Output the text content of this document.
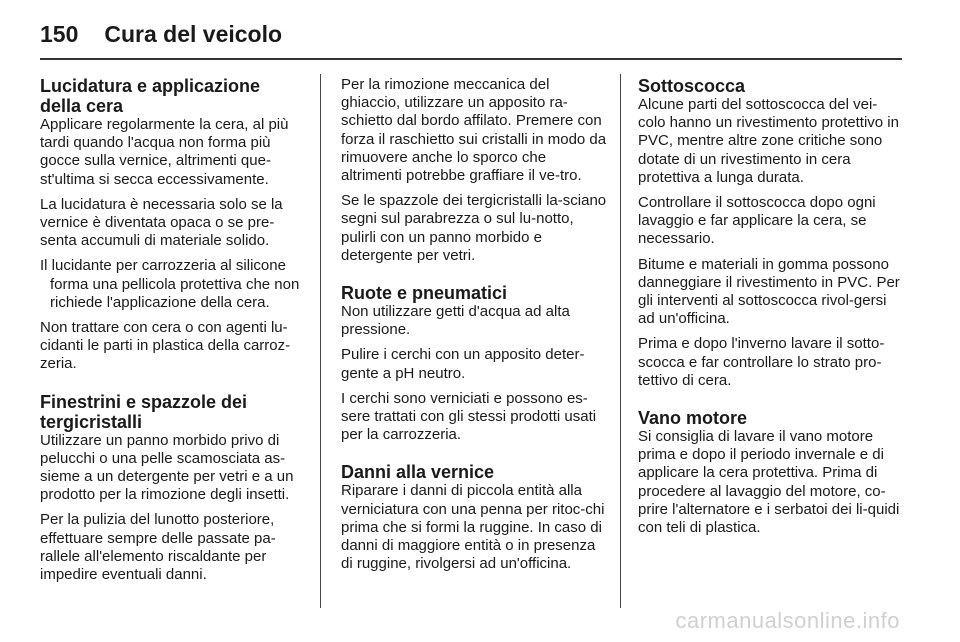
150 Cura del veicolo
Lucidatura e applicazione della cera

Applicare regolarmente la cera, al più tardi quando l'acqua non forma più gocce sulla vernice, altrimenti que-st'ultima si secca eccessivamente.

La lucidatura è necessaria solo se la vernice è diventata opaca o se pre-senta accumuli di materiale solido.

Il lucidante per carrozzeria al silicone forma una pellicola protettiva che non richiede l'applicazione della cera.

Non trattare con cera o con agenti lu-cidanti le parti in plastica della carroz-zeria.

Finestrini e spazzole dei tergicristalli

Utilizzare un panno morbido privo di pelucchi o una pelle scamosciata as-sieme a un detergente per vetri e a un prodotto per la rimozione degli insetti.

Per la pulizia del lunotto posteriore, effettuare sempre delle passate pa-rallele all'elemento riscaldante per impedire eventuali danni.

Per la rimozione meccanica del ghiaccio, utilizzare un apposito ra-schietto dal bordo affilato. Premere con forza il raschietto sui cristalli in modo da rimuovere anche lo sporco che altrimenti potrebbe graffiare il ve-tro.

Se le spazzole dei tergicristalli la-sciano segni sul parabrezza o sul lu-notto, pulirli con un panno morbido e detergente per vetri.

Ruote e pneumatici

Non utilizzare getti d'acqua ad alta pressione.

Pulire i cerchi con un apposito deter-gente a pH neutro.

I cerchi sono verniciati e possono es-sere trattati con gli stessi prodotti usati per la carrozzeria.

Danni alla vernice

Riparare i danni di piccola entità alla verniciatura con una penna per ritoc-chi prima che si formi la ruggine. In caso di danni di maggiore entità o in presenza di ruggine, rivolgersi ad un'officina.

Sottoscocca

Alcune parti del sottoscocca del vei-colo hanno un rivestimento protettivo in PVC, mentre altre zone critiche sono dotate di un rivestimento in cera protettiva a lunga durata.

Controllare il sottoscocca dopo ogni lavaggio e far applicare la cera, se necessario.

Bitume e materiali in gomma possono danneggiare il rivestimento in PVC. Per gli interventi al sottoscocca rivol-gersi ad un'officina.

Prima e dopo l'inverno lavare il sotto-scocca e far controllare lo strato pro-tettivo di cera.

Vano motore

Si consiglia di lavare il vano motore prima e dopo il periodo invernale e di applicare la cera protettiva. Prima di procedere al lavaggio del motore, co-prire l'alternatore e i serbatoi dei li-quidi con teli di plastica.

carmanualsonline.info
